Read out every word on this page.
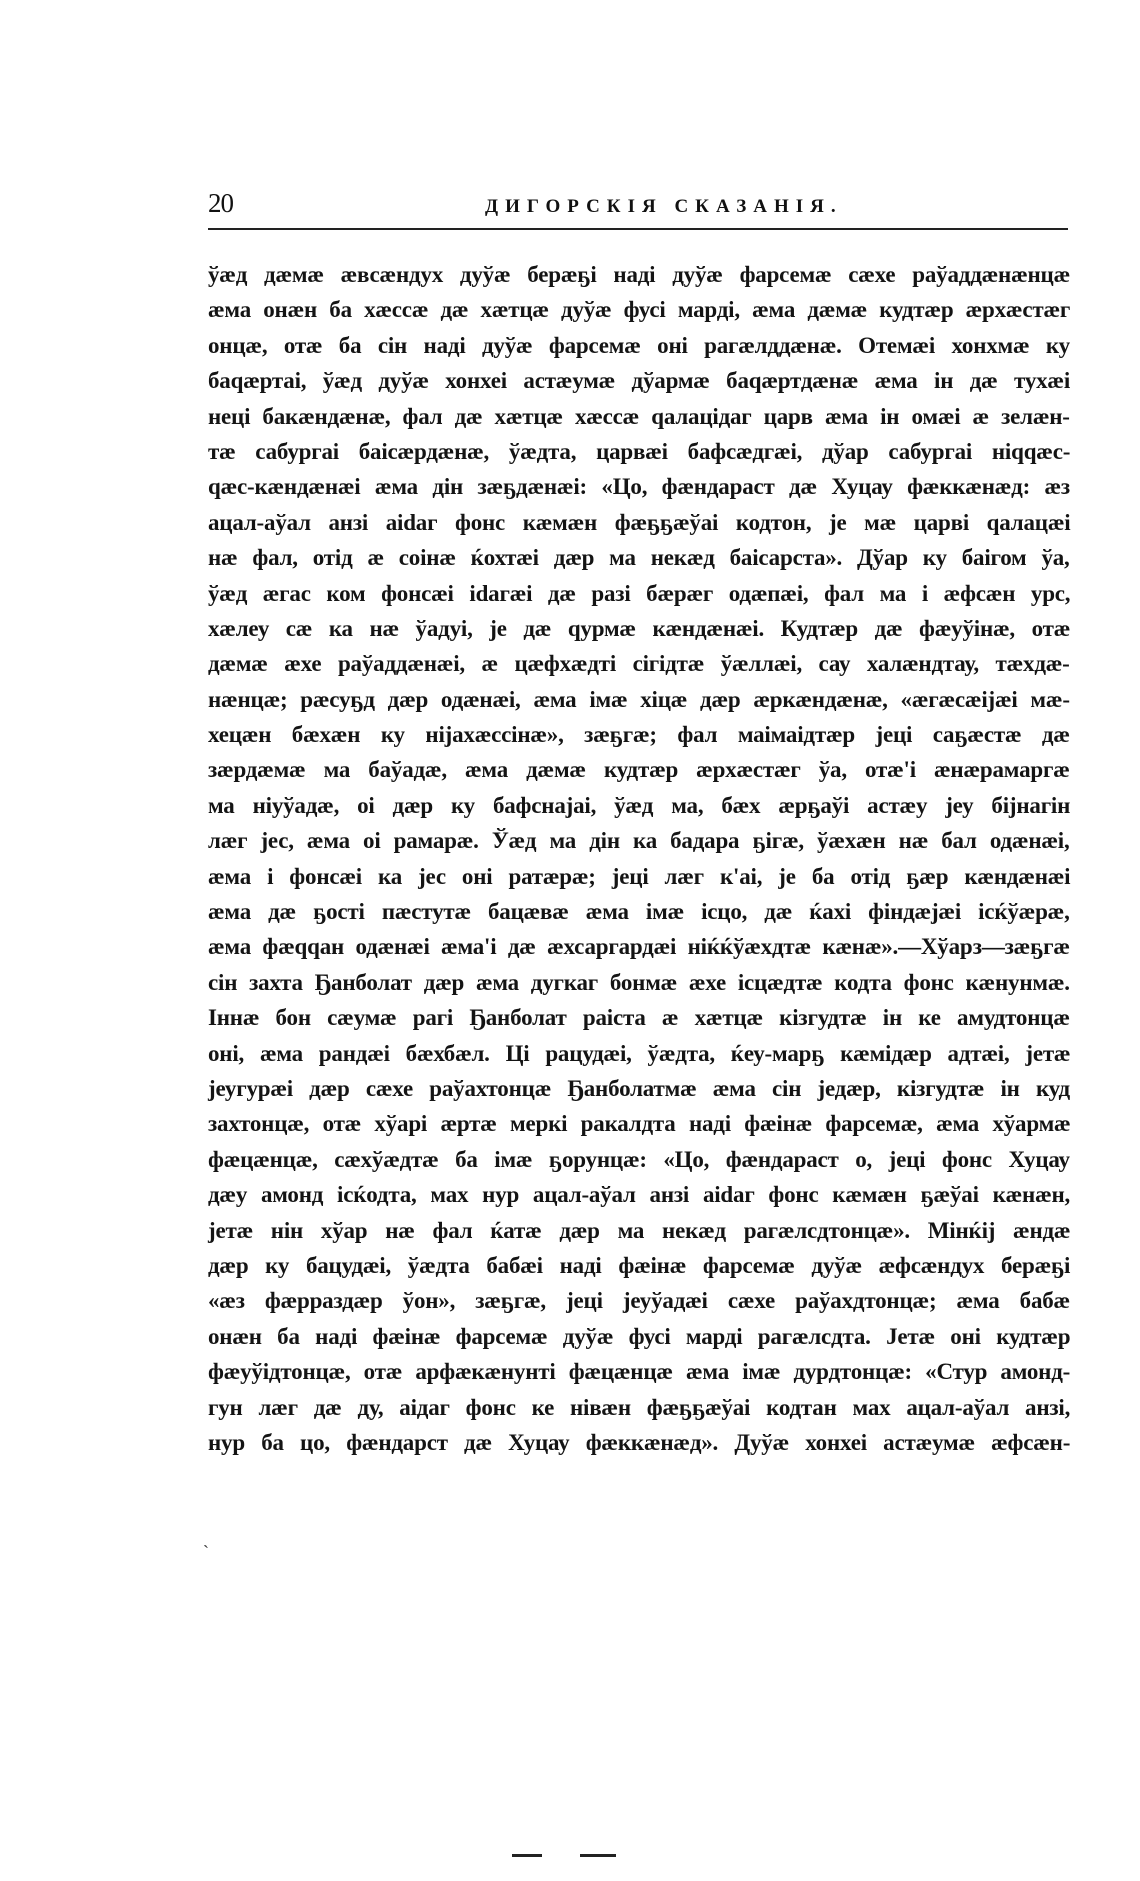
20	ДИГОРСКІЯ СКАЗАНІЯ.
ўæд дæмæ æвсæндух дуўæ берæҕі наді дуўæ фарсемæ сæхе раўаддæнæнцæ
æма онæн ба хæссæ дæ хæтцæ дуўæ фусі марді, æма дæмæ кудтæр æрхæстæг
онцæ, отæ ба сін наді дуўæ фарсемæ оні рагæлддæнæ. Отемæі хонхмæ ку
баqæртаі, ўæд дуўæ хонхеі астæумæ дўармæ баqæртдæнæ æма ін дæ тухæі
неці бакæндæнæ, фал дæ хæтцæ хæссæ qалацідаг царв æма ін омæі æ зелæн-
тæ сабургаі баісæрдæнæ, ўæдта, царвæі бафсæдгæі, дўар сабургаі ніqqæс-
qæс-кæндæнæі æма дін зæҕдæнæі: «Цо, фæндараст дæ Хуцау фæккæнæд: æз
ацал-аўал анзі аіdаг фонс кæмæн фæҕҕæўаі кодтон, је мæ царві qалацæі
нæ фал, отід æ соінæ ќохтæі дæр ма некæд баісарста». Дўар ку баігом ўа,
ўæд æгас ком фонсæі іdагæі дæ разі бæрæг одæпæі, фал ма і æфсæн урс,
хæлеу сæ ка нæ ўадуі, је дæ qурмæ кæндæнæі. Кудтæр дæ фæуўінæ, отæ
дæмæ æхе раўаддæнæі, æ цæфхæдті сігідтæ ўæллæі, сау халæндтау, тæхдæ-
нæнцæ; рæсуҕд дæр одæнæі, æма імæ хіцæ дæр æркæндæнæ, «æгæсæіјæі мæ-
хецæн бæхæн ку ніјахæссінæ», зæҕгæ; фал маімаідтæр јеці саҕæстæ дæ
зæрдæмæ ма баўадæ, æма дæмæ кудтæр æрхæстæг ўа, отæ'і æнæрамаргæ
ма ніуўадæ, оі дæр ку бафснајаі, ўæд ма, бæх æрҕаўі астæу јеу біјнагін
лæг јес, æма оі рамарæ. Ўæд ма дін ка бадара ҕігæ, ўæхæн нæ бал одæнæі,
æма і фонсæі ка јес оні ратæрæ; јеці лæг к'аі, је ба отід ҕæр кæндæнæі
æма дæ ҕості пæстутæ бацæвæ æма імæ ісцо, дæ ќахі фіндæјæі ісќўæрæ,
æма фæqqан одæнæі æма'і дæ æхсаргардæі ніќќўæхдтæ кæнæ».—Хўарз—зæҕгæ
сін захта Ҕанболат дæр æма дугкаг бонмæ æхе ісцæдтæ кодта фонс кæнунмæ.
Іннæ бон сæумæ рагі Ҕанболат раіста æ хæтцæ кізгудтæ ін ке амудтонцæ
оні, æма рандæі бæхбæл. Ці рацудæі, ўæдта, ќеу-марҕ кæмідæр адтæі, јетæ
јеугурæі дæр сæхе раўахтонцæ Ҕанболатмæ æма сін једæр, кізгудтæ ін куд
захтонцæ, отæ хўарі æртæ меркі ракалдта наді фæінæ фарсемæ, æма хўармæ
фæцæнцæ, сæхўæдтæ ба імæ ҕорунцæ: «Цо, фæндараст о, јеці фонс Хуцау
дæу амонд ісќодта, мах нур ацал-аўал анзі аіdаг фонс кæмæн ҕæўаі кæнæн,
јетæ нін хўар нæ фал ќатæ дæр ма некæд рагæлсдтонцæ». Мінќіј æндæ
дæр ку бацудæі, ўæдта бабæі наді фæінæ фарсемæ дуўæ æфсæндух берæҕі
«æз фæрраздæр ўон», зæҕгæ, јеці јеуўадæі сæхе раўахдтонцæ; æма бабæ
онæн ба наді фæінæ фарсемæ дуўæ фусі марді рагæлсдта. Јетæ оні кудтæр
фæуўідтонцæ, отæ арфæкæнунті фæцæнцæ æма імæ дурдтонцæ: «Стур амонд-
гун лæг дæ ду, аідаг фонс ке нівæн фæҕҕæўаі кодтан мах ацал-аўал анзі,
нур ба цо, фæндарст дæ Хуцау фæккæнæд». Дуўæ хонхеі астæумæ æфсæн-
ˏ
